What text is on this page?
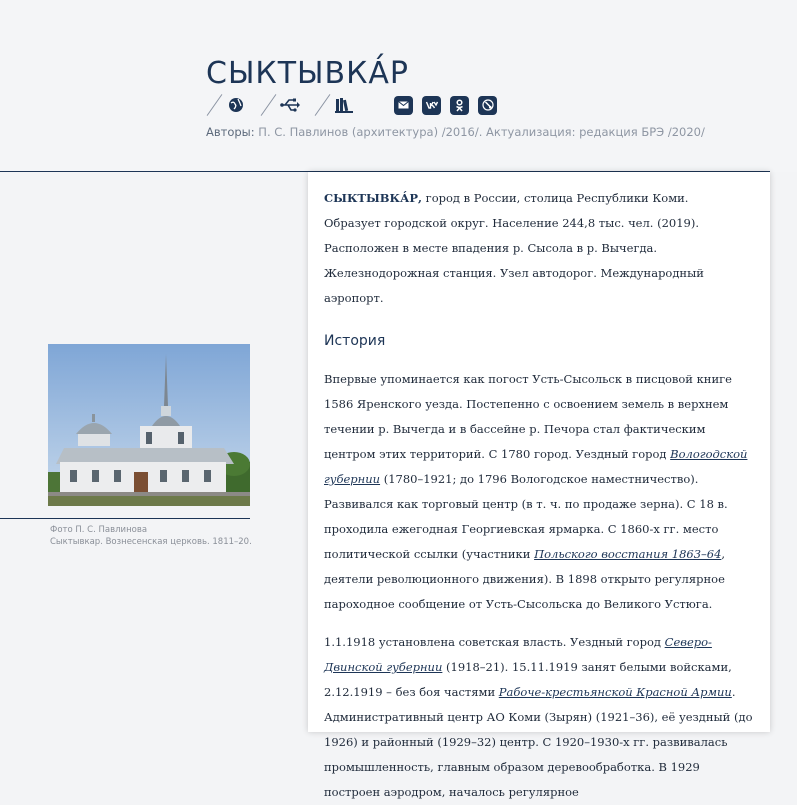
СЫКТЫВКА́Р
Авторы: П. С. Павлинов (архитектура) /2016/. Актуализация: редакция БРЭ /2020/
Фото П. С. Павлинова
Сыктывкар. Вознесенская церковь. 1811–20.

СЫКТЫВКА́Р, город в России, столица Республики Коми.

Образует городской округ. Население 244,8 тыс. чел. (2019). Расположен в месте впадения р. Сысола в р. Вычегда. Железнодорожная станция. Узел автодорог. Международный аэропорт.

История

Впервые упоминается как погост Усть-Сысольск в писцовой книге 1586 Яренского уезда. Постепенно с освоением земель в верхнем течении р. Вычегда и в бассейне р. Печора стал фактическим центром этих территорий. С 1780 город. Уездный город Вологодской губернии (1780–1921; до 1796 Вологодское наместничество). Развивался как торговый центр (в т. ч. по продаже зерна). С 18 в. проходила ежегодная Георгиевская ярмарка. С 1860-х гг. место политической ссылки (участники Польского восстания 1863–64, деятели революционного движения). В 1898 открыто регулярное пароходное сообщение от Усть-Сысольска до Великого Устюга.

1.1.1918 установлена советская власть. Уездный город Северо-Двинской губернии (1918–21). 15.11.1919 занят белыми войсками, 2.12.1919 – без боя частями Рабоче-крестьянской Красной Армии. Административный центр АО Коми (Зырян) (1921–36), её уездный (до 1926) и районный (1929–32) центр. С 1920–1930-х гг. развивалась промышленность, главным образом деревообработка. В 1929 построен аэродром, началось регулярное
